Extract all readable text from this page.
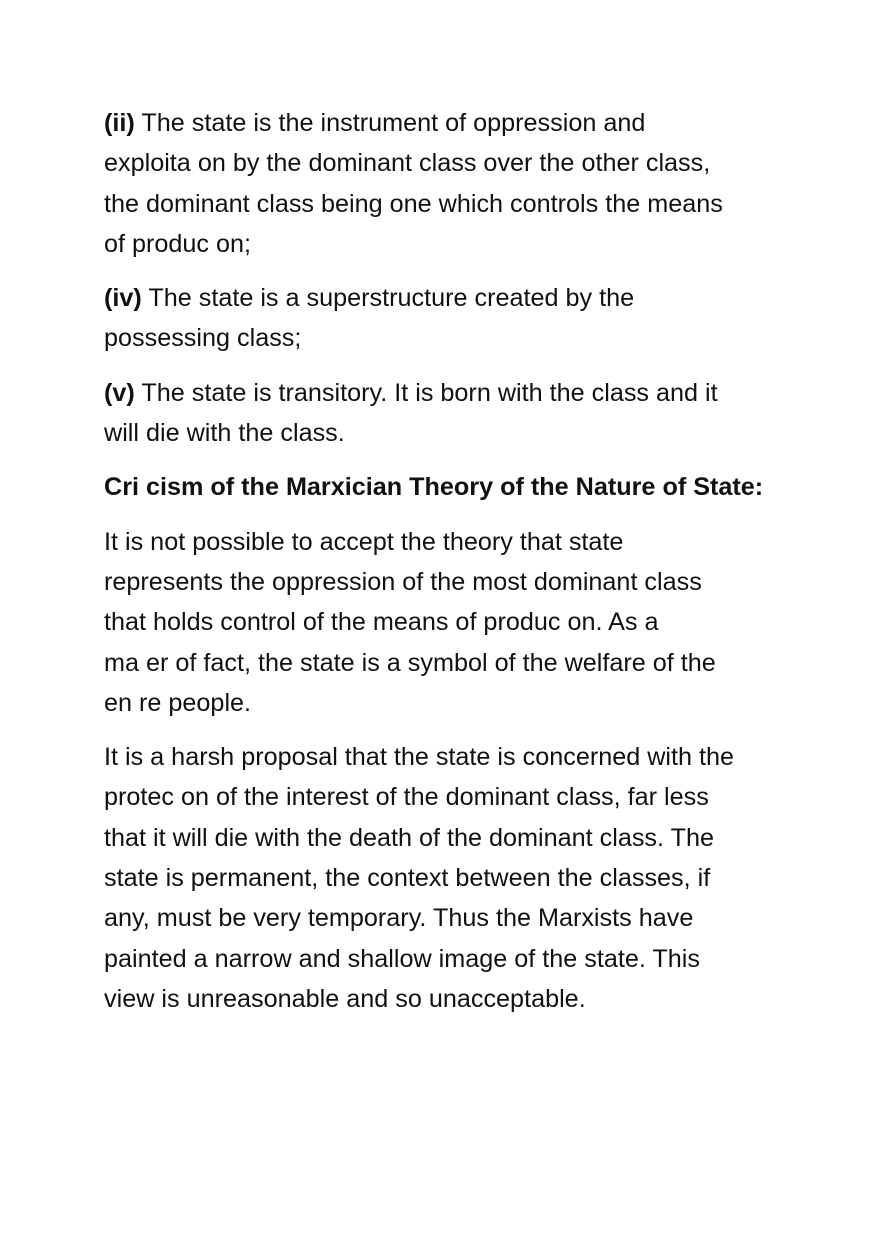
(ii) The state is the instrument of oppression and
exploita on by the dominant class over the other class,
the dominant class being one which controls the means
of produc on;

(iv) The state is a superstructure created by the
possessing class;

(v) The state is transitory. It is born with the class and it
will die with the class.

Cri cism of the Marxician Theory of the Nature of State:

It is not possible to accept the theory that state
represents the oppression of the most dominant class
that holds control of the means of produc on. As a
ma er of fact, the state is a symbol of the welfare of the
en re people.

It is a harsh proposal that the state is concerned with the
protec on of the interest of the dominant class, far less
that it will die with the death of the dominant class. The
state is permanent, the context between the classes, if
any, must be very temporary. Thus the Marxists have
painted a narrow and shallow image of the state. This
view is unreasonable and so unacceptable.
